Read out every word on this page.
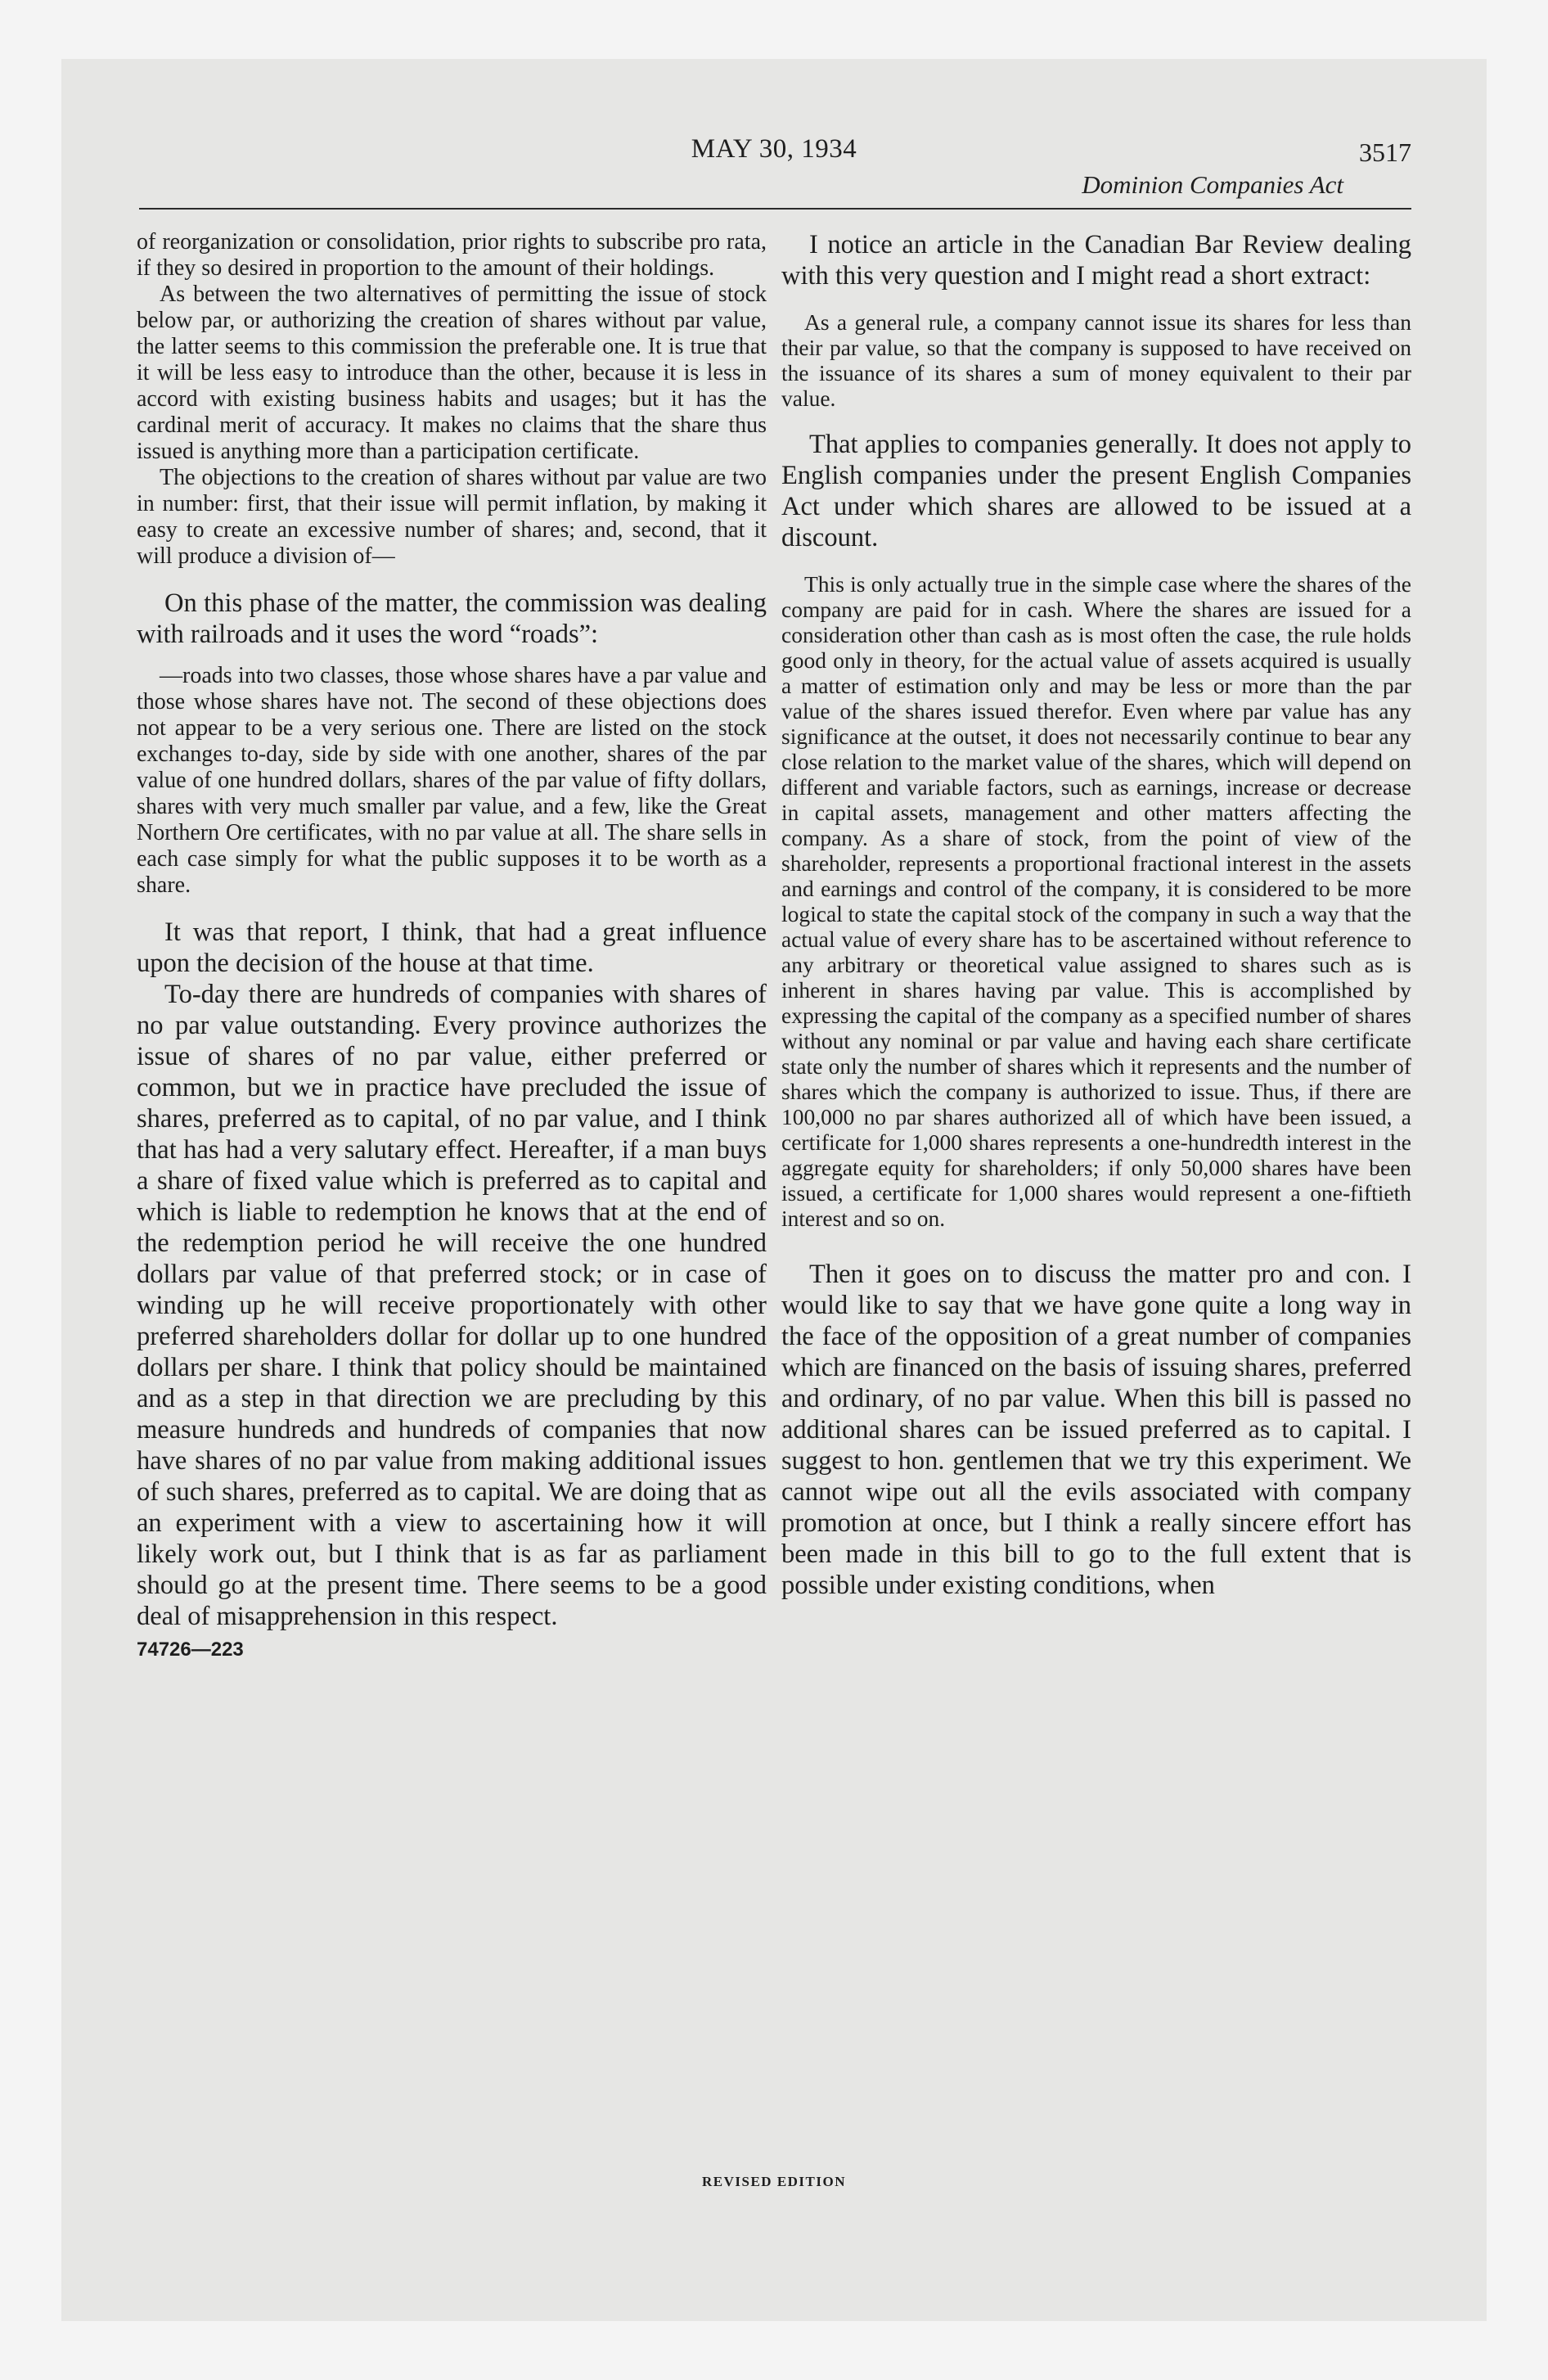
MAY 30, 1934
Dominion Companies Act
3517

of reorganization or consolidation, prior rights to subscribe pro rata, if they so desired in proportion to the amount of their holdings.

As between the two alternatives of permitting the issue of stock below par, or authorizing the creation of shares without par value, the latter seems to this commission the preferable one. It is true that it will be less easy to introduce than the other, because it is less in accord with existing business habits and usages; but it has the cardinal merit of accuracy. It makes no claims that the share thus issued is anything more than a participation certificate.

The objections to the creation of shares without par value are two in number: first, that their issue will permit inflation, by making it easy to create an excessive number of shares; and, second, that it will produce a division of—

On this phase of the matter, the commission was dealing with railroads and it uses the word “roads”:

—roads into two classes, those whose shares have a par value and those whose shares have not. The second of these objections does not appear to be a very serious one. There are listed on the stock exchanges to-day, side by side with one another, shares of the par value of one hundred dollars, shares of the par value of fifty dollars, shares with very much smaller par value, and a few, like the Great Northern Ore certificates, with no par value at all. The share sells in each case simply for what the public supposes it to be worth as a share.

It was that report, I think, that had a great influence upon the decision of the house at that time.

To-day there are hundreds of companies with shares of no par value outstanding. Every province authorizes the issue of shares of no par value, either preferred or common, but we in practice have precluded the issue of shares, preferred as to capital, of no par value, and I think that has had a very salutary effect. Hereafter, if a man buys a share of fixed value which is preferred as to capital and which is liable to redemption he knows that at the end of the redemption period he will receive the one hundred dollars par value of that preferred stock; or in case of winding up he will receive proportionately with other preferred shareholders dollar for dollar up to one hundred dollars per share. I think that policy should be maintained and as a step in that direction we are precluding by this measure hundreds and hundreds of companies that now have shares of no par value from making additional issues of such shares, preferred as to capital. We are doing that as an experiment with a view to ascertaining how it will likely work out, but I think that is as far as parliament should go at the present time. There seems to be a good deal of misapprehension in this respect.

74726—223

I notice an article in the Canadian Bar Review dealing with this very question and I might read a short extract:

As a general rule, a company cannot issue its shares for less than their par value, so that the company is supposed to have received on the issuance of its shares a sum of money equivalent to their par value.

That applies to companies generally. It does not apply to English companies under the present English Companies Act under which shares are allowed to be issued at a discount.

This is only actually true in the simple case where the shares of the company are paid for in cash. Where the shares are issued for a consideration other than cash as is most often the case, the rule holds good only in theory, for the actual value of assets acquired is usually a matter of estimation only and may be less or more than the par value of the shares issued therefor. Even where par value has any significance at the outset, it does not necessarily continue to bear any close relation to the market value of the shares, which will depend on different and variable factors, such as earnings, increase or decrease in capital assets, management and other matters affecting the company. As a share of stock, from the point of view of the shareholder, represents a proportional fractional interest in the assets and earnings and control of the company, it is considered to be more logical to state the capital stock of the company in such a way that the actual value of every share has to be ascertained without reference to any arbitrary or theoretical value assigned to shares such as is inherent in shares having par value. This is accomplished by expressing the capital of the company as a specified number of shares without any nominal or par value and having each share certificate state only the number of shares which it represents and the number of shares which the company is authorized to issue. Thus, if there are 100,000 no par shares authorized all of which have been issued, a certificate for 1,000 shares represents a one-hundredth interest in the aggregate equity for shareholders; if only 50,000 shares have been issued, a certificate for 1,000 shares would represent a one-fiftieth interest and so on.

Then it goes on to discuss the matter pro and con. I would like to say that we have gone quite a long way in the face of the opposition of a great number of companies which are financed on the basis of issuing shares, preferred and ordinary, of no par value. When this bill is passed no additional shares can be issued preferred as to capital. I suggest to hon. gentlemen that we try this experiment. We cannot wipe out all the evils associated with company promotion at once, but I think a really sincere effort has been made in this bill to go to the full extent that is possible under existing conditions, when

REVISED EDITION
